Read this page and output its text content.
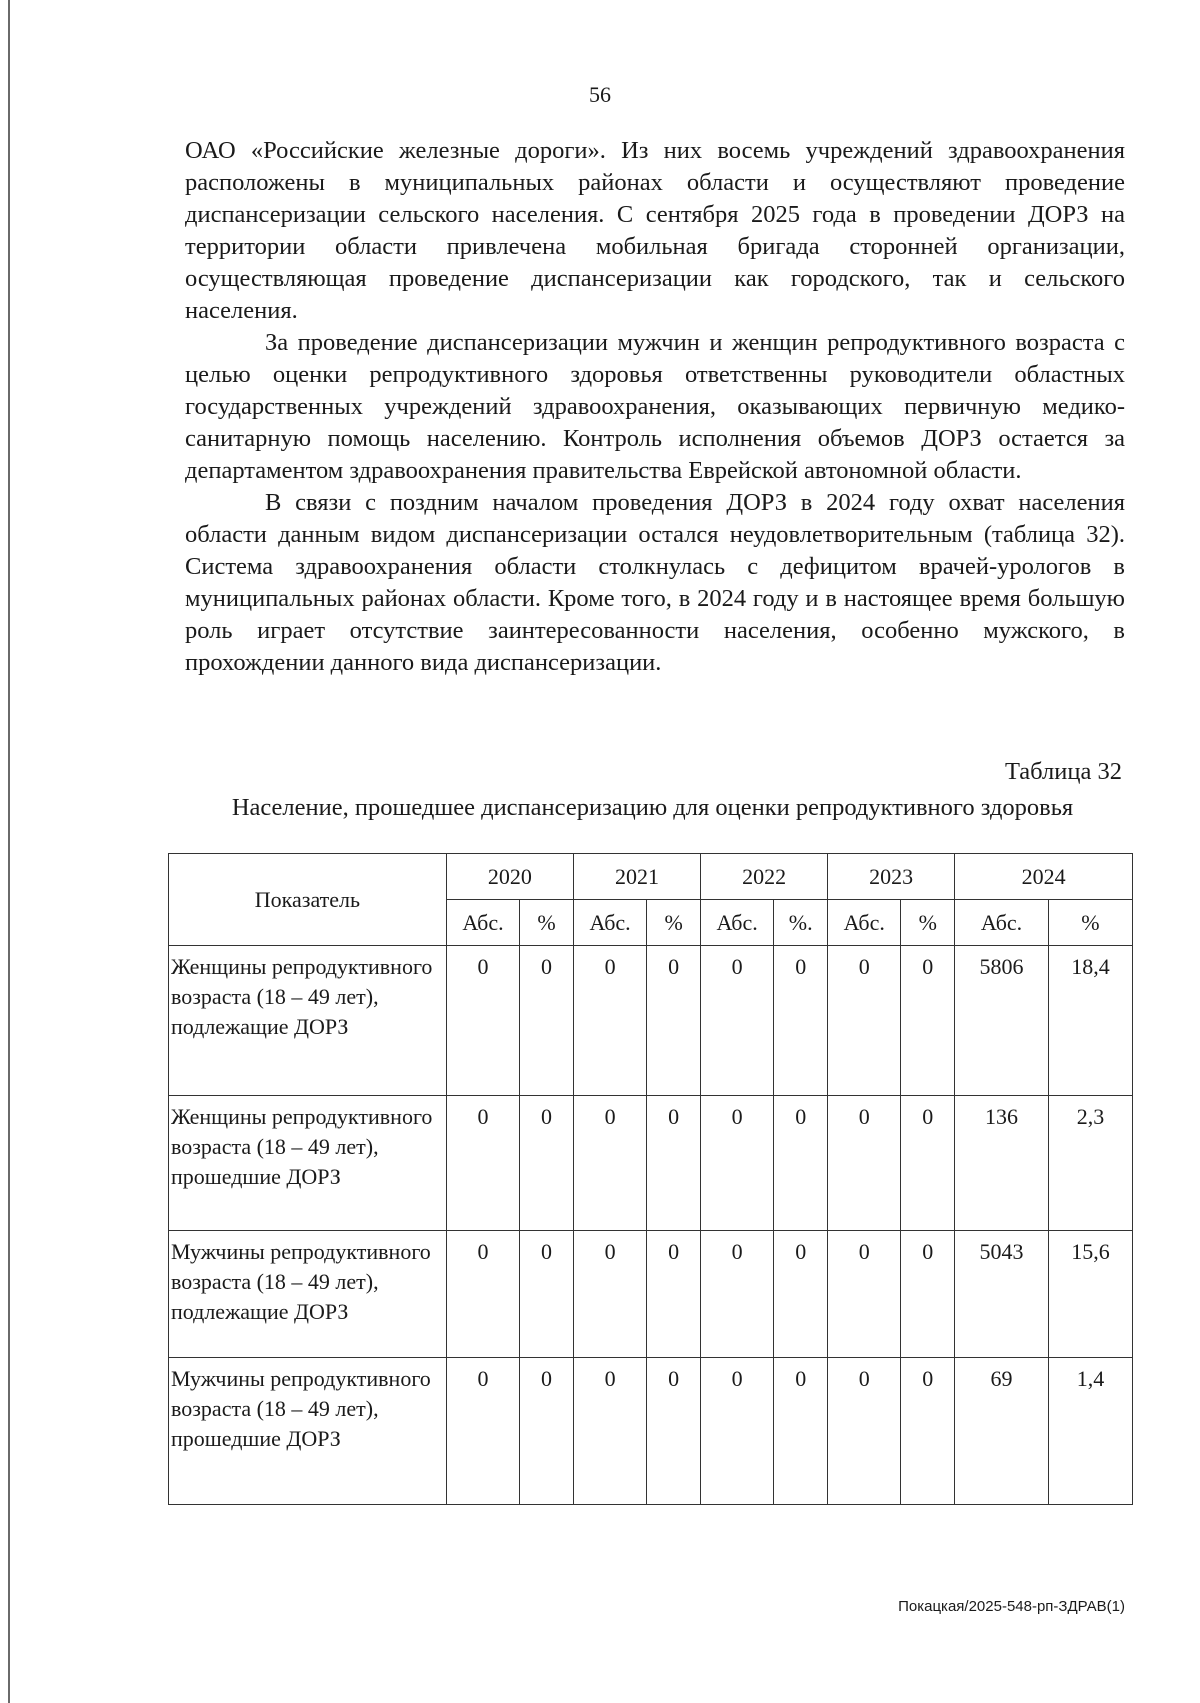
56

ОАО «Российские железные дороги». Из них восемь учреждений здравоохранения расположены в муниципальных районах области и осуществляют проведение диспансеризации сельского населения. С сентября 2025 года в проведении ДОРЗ на территории области привлечена мобильная бригада сторонней организации, осуществляющая проведение диспансеризации как городского, так и сельского населения.

За проведение диспансеризации мужчин и женщин репродуктивного возраста с целью оценки репродуктивного здоровья ответственны руководители областных государственных учреждений здравоохранения, оказывающих первичную медико-санитарную помощь населению. Контроль исполнения объемов ДОРЗ остается за департаментом здравоохранения правительства Еврейской автономной области.

В связи с поздним началом проведения ДОРЗ в 2024 году охват населения области данным видом диспансеризации остался неудовлетворительным (таблица 32). Система здравоохранения области столкнулась с дефицитом врачей-урологов в муниципальных районах области. Кроме того, в 2024 году и в настоящее время большую роль играет отсутствие заинтересованности населения, особенно мужского, в прохождении данного вида диспансеризации.

Таблица 32
Население, прошедшее диспансеризацию для оценки репродуктивного здоровья
Показатель	2020		2021		2022		2023		2024	
	Абс.	%	Абс.	%	Абс.	%.	Абс.	%	Абс.	%
Женщины репродуктивного возраста (18 – 49 лет), подлежащие ДОРЗ	0	0	0	0	0	0	0	0	5806	18,4
Женщины репродуктивного возраста (18 – 49 лет), прошедшие ДОРЗ	0	0	0	0	0	0	0	0	136	2,3
Мужчины репродуктивного возраста (18 – 49 лет), подлежащие ДОРЗ	0	0	0	0	0	0	0	0	5043	15,6
Мужчины репродуктивного возраста (18 – 49 лет), прошедшие ДОРЗ	0	0	0	0	0	0	0	0	69	1,4
Покацкая/2025-548-рп-ЗДРАВ(1)
